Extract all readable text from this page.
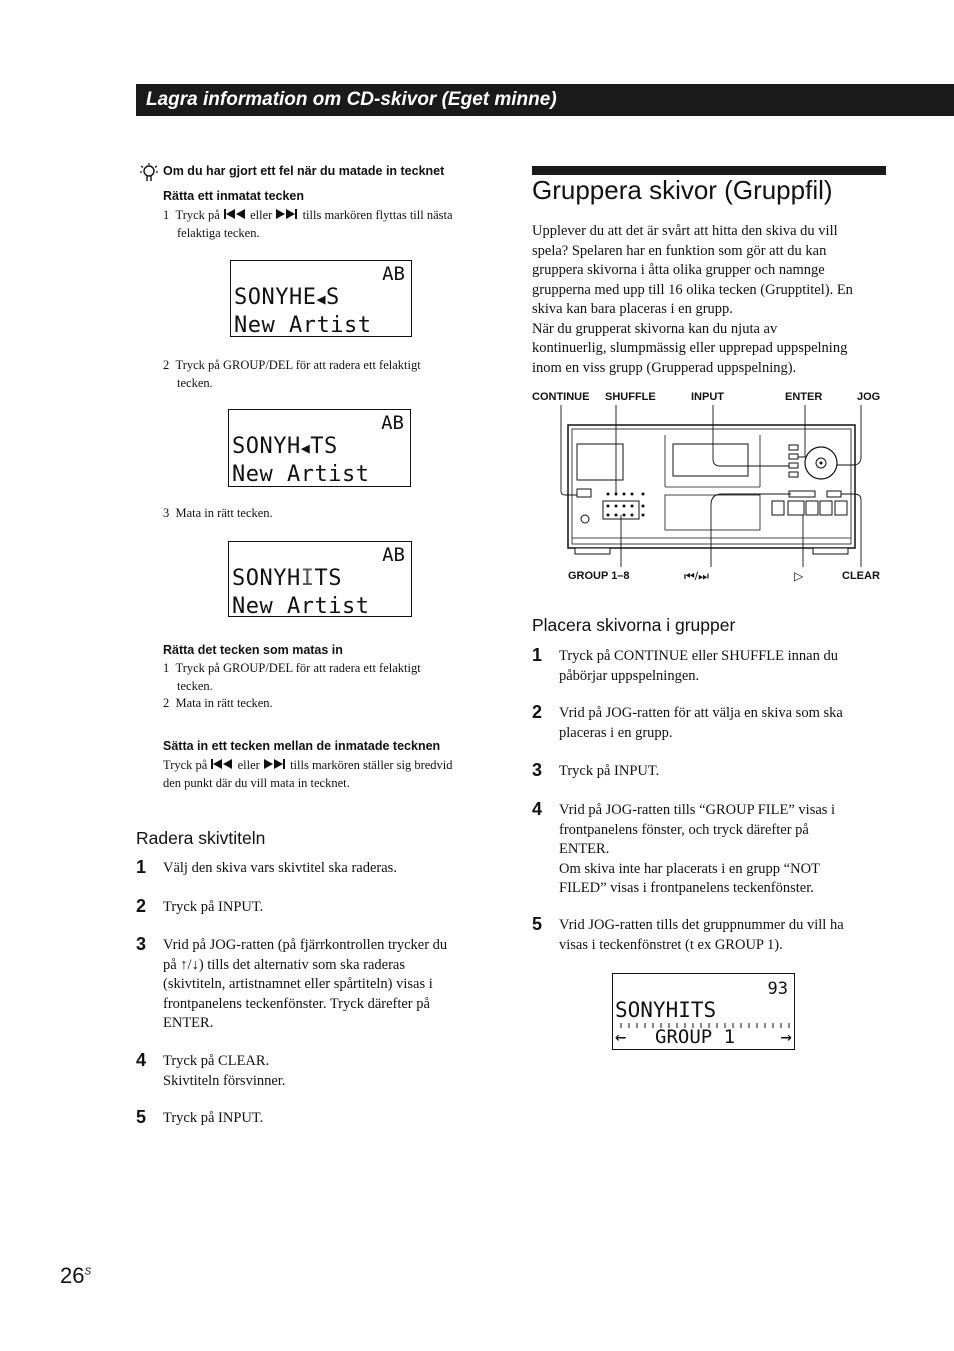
Lagra information om CD-skivor (Eget minne)
Om du har gjort ett fel när du matade in tecknet
Rätta ett inmatat tecken
1 Tryck på eller tills markören flyttas till nästa
felaktiga tecken.
AB
SONYHE◀S
New Artist
2 Tryck på GROUP/DEL för att radera ett felaktigt
tecken.
AB
SONYH◀TS
New Artist
3 Mata in rätt tecken.
AB
SONYHITS
New Artist
Rätta det tecken som matas in
1 Tryck på GROUP/DEL för att radera ett felaktigt
tecken.
2 Mata in rätt tecken.
Sätta in ett tecken mellan de inmatade tecknen
Tryck på eller tills markören ställer sig bredvid
den punkt där du vill mata in tecknet.
Radera skivtiteln
1 Välj den skiva vars skivtitel ska raderas.
2 Tryck på INPUT.
3 Vrid på JOG-ratten (på fjärrkontrollen trycker du
på ↑/↓) tills det alternativ som ska raderas
(skivtiteln, artistnamnet eller spårtiteln) visas i
frontpanelens teckenfönster. Tryck därefter på
ENTER.
4 Tryck på CLEAR.
Skivtiteln försvinner.
5 Tryck på INPUT.
Gruppera skivor (Gruppfil)
Upplever du att det är svårt att hitta den skiva du vill
spela? Spelaren har en funktion som gör att du kan
gruppera skivorna i åtta olika grupper och namnge
grupperna med upp till 16 olika tecken (Grupptitel). En
skiva kan bara placeras i en grupp.
När du grupperat skivorna kan du njuta av
kontinuerlig, slumpmässig eller upprepad uppspelning
inom en viss grupp (Grupperad uppspelning).
CONTINUE SHUFFLE	INPUT	ENTER	JOG
GROUP 1–8	⏮/⏭	▷	CLEAR
Placera skivorna i grupper
1 Tryck på CONTINUE eller SHUFFLE innan du
påbörjar uppspelningen.
2 Vrid på JOG-ratten för att välja en skiva som ska
placeras i en grupp.
3 Tryck på INPUT.
4 Vrid på JOG-ratten tills “GROUP FILE” visas i
frontpanelens fönster, och tryck därefter på
ENTER.
Om skiva inte har placerats i en grupp “NOT
FILED” visas i frontpanelens teckenfönster.
5 Vrid JOG-ratten tills det gruppnummer du vill ha
visas i teckenfönstret (t ex GROUP 1).
93
SONYHITS
← GROUP 1 →
$26^S$
